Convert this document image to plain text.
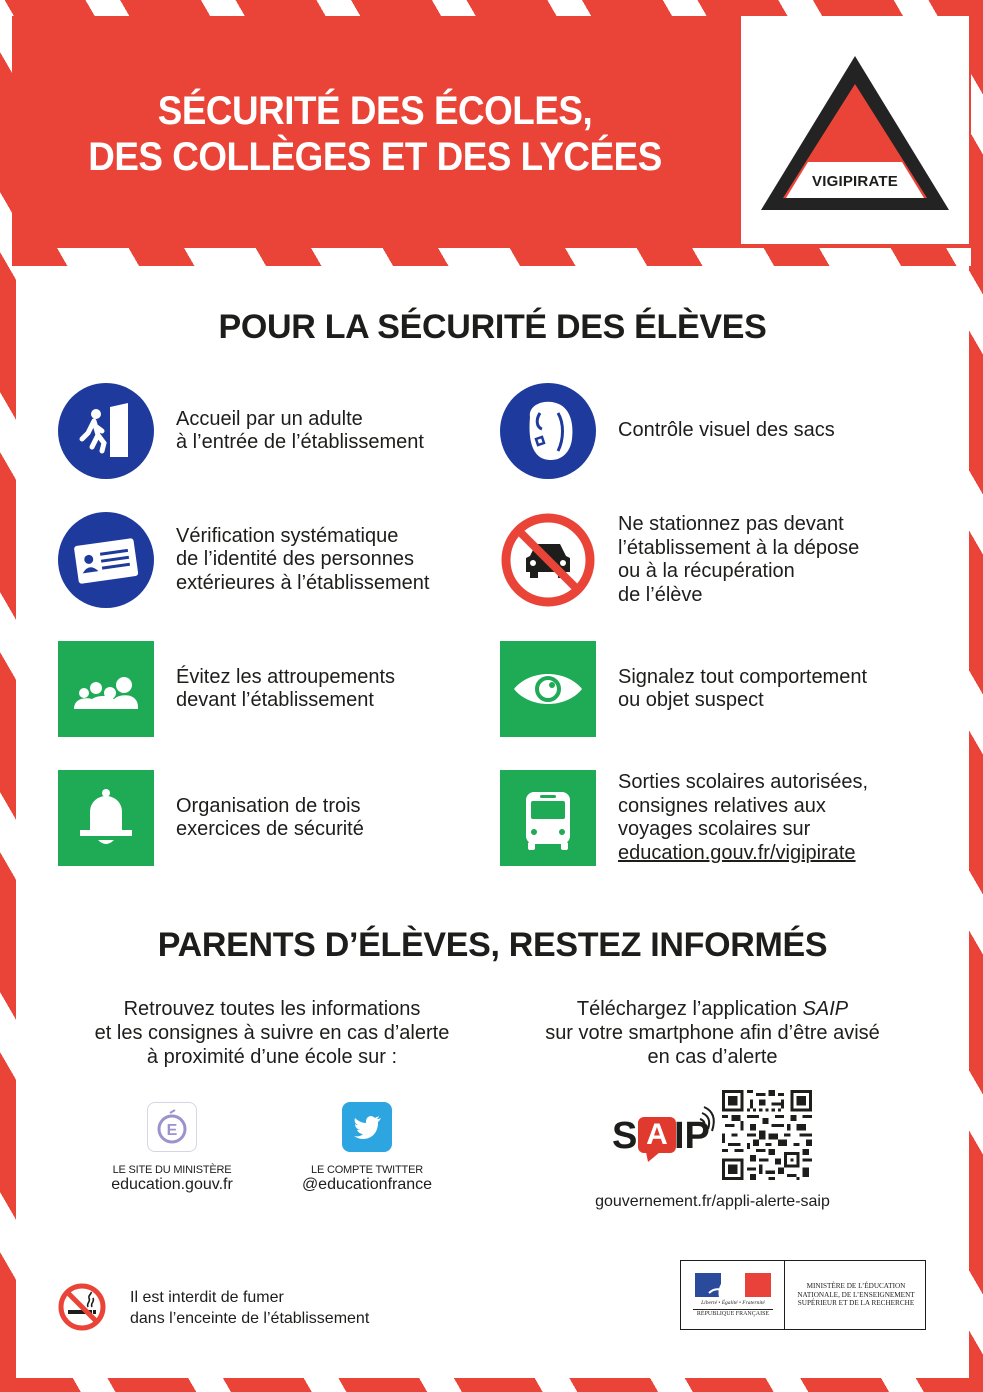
SÉCURITÉ DES ÉCOLES,
DES COLLÈGES ET DES LYCÉES
VIGIPIRATE
POUR LA SÉCURITÉ DES ÉLÈVES
Accueil par un adulte
à l’entrée de l’établissement
Contrôle visuel des sacs
Vérification systématique
de l’identité des personnes
extérieures à l’établissement
Ne stationnez pas devant
l’établissement à la dépose
ou à la récupération
de l’élève
Évitez les attroupements
devant l’établissement
Signalez tout comportement
ou objet suspect
Organisation de trois
exercices de sécurité
Sorties scolaires autorisées,
consignes relatives aux
voyages scolaires sur
education.gouv.fr/vigipirate
PARENTS D’ÉLÈVES, RESTEZ INFORMÉS
Retrouvez toutes les informations
et les consignes à suivre en cas d’alerte
à proximité d’une école sur :
Téléchargez l’application SAIP
sur votre smartphone afin d’être avisé
en cas d’alerte
E
LE SITE DU MINISTÈRE
education.gouv.fr
LE COMPTE TWITTER
@educationfrance
S A IP
gouvernement.fr/appli-alerte-saip
Il est interdit de fumer
dans l’enceinte de l’établissement
Liberté • Égalité • Fraternité
RÉPUBLIQUE FRANÇAISE
MINISTÈRE DE L’ÉDUCATION
NATIONALE, DE L’ENSEIGNEMENT
SUPÉRIEUR ET DE LA RECHERCHE
